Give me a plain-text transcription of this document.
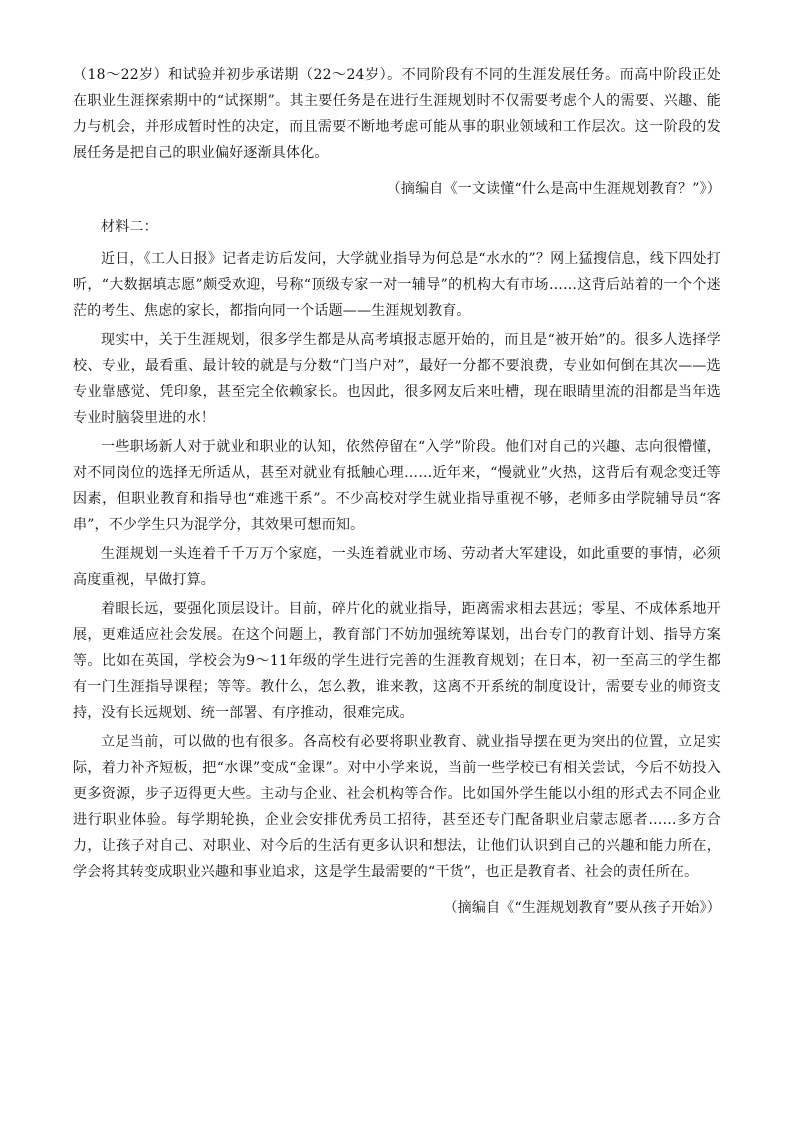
（18～22岁）和试验并初步承诺期（22～24岁）。不同阶段有不同的生涯发展任务。而高中阶段正处在职业生涯探索期中的“试探期”。其主要任务是在进行生涯规划时不仅需要考虑个人的需要、兴趣、能力与机会，并形成暂时性的决定，而且需要不断地考虑可能从事的职业领域和工作层次。这一阶段的发展任务是把自己的职业偏好逐渐具体化。

（摘编自《一文读懂“什么是高中生涯规划教育？”》）

材料二：

近日，《工人日报》记者走访后发问，大学就业指导为何总是“水水的”？网上猛搜信息，线下四处打听，“大数据填志愿”颇受欢迎，号称“顶级专家一对一辅导”的机构大有市场……这背后站着的一个个迷茫的考生、焦虑的家长，都指向同一个话题——生涯规划教育。

现实中，关于生涯规划，很多学生都是从高考填报志愿开始的，而且是“被开始”的。很多人选择学校、专业，最看重、最计较的就是与分数“门当户对”，最好一分都不要浪费，专业如何倒在其次——选专业靠感觉、凭印象，甚至完全依赖家长。也因此，很多网友后来吐槽，现在眼睛里流的泪都是当年选专业时脑袋里进的水！

一些职场新人对于就业和职业的认知，依然停留在“入学”阶段。他们对自己的兴趣、志向很懵懂，对不同岗位的选择无所适从，甚至对就业有抵触心理……近年来，“慢就业”火热，这背后有观念变迁等因素，但职业教育和指导也“难逃干系”。不少高校对学生就业指导重视不够，老师多由学院辅导员“客串”，不少学生只为混学分，其效果可想而知。

生涯规划一头连着千千万万个家庭，一头连着就业市场、劳动者大军建设，如此重要的事情，必须高度重视，早做打算。

着眼长远，要强化顶层设计。目前，碎片化的就业指导，距离需求相去甚远；零星、不成体系地开展，更难适应社会发展。在这个问题上，教育部门不妨加强统筹谋划，出台专门的教育计划、指导方案等。比如在英国，学校会为9～11年级的学生进行完善的生涯教育规划；在日本，初一至高三的学生都有一门生涯指导课程；等等。教什么，怎么教，谁来教，这离不开系统的制度设计，需要专业的师资支持，没有长远规划、统一部署、有序推动，很难完成。

立足当前，可以做的也有很多。各高校有必要将职业教育、就业指导摆在更为突出的位置，立足实际，着力补齐短板，把“水课”变成“金课”。对中小学来说，当前一些学校已有相关尝试，今后不妨投入更多资源，步子迈得更大些。主动与企业、社会机构等合作。比如国外学生能以小组的形式去不同企业进行职业体验。每学期轮换，企业会安排优秀员工招待，甚至还专门配备职业启蒙志愿者……多方合力，让孩子对自己、对职业、对今后的生活有更多认识和想法，让他们认识到自己的兴趣和能力所在，学会将其转变成职业兴趣和事业追求，这是学生最需要的“干货”，也正是教育者、社会的责任所在。

（摘编自《“生涯规划教育”要从孩子开始》）
